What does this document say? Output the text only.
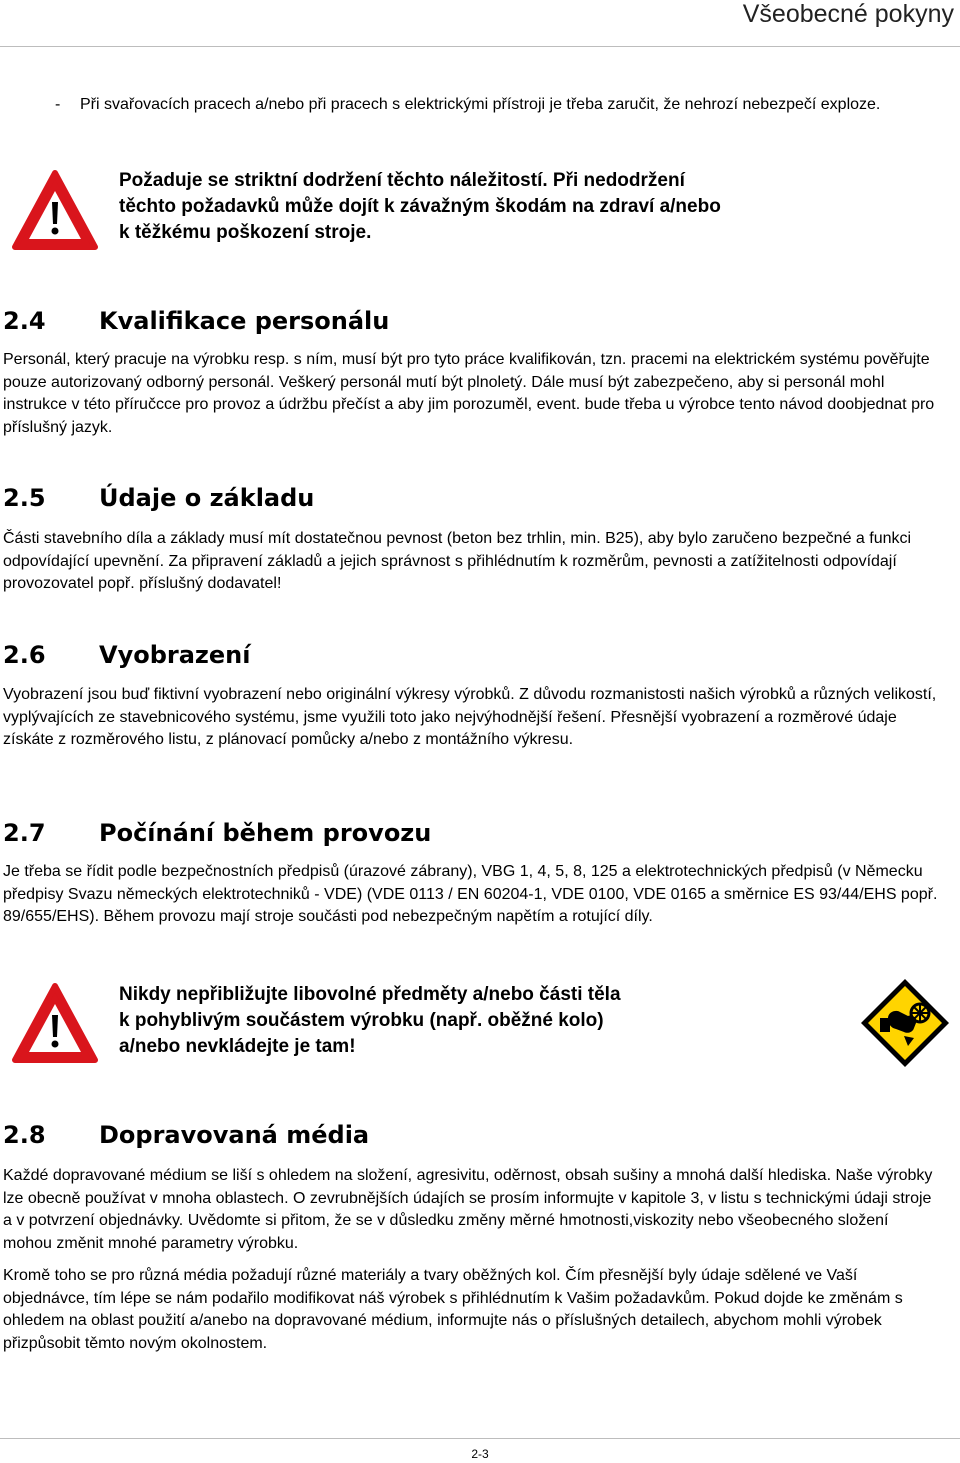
Všeobecné pokyny
- Při svařovacích pracech a/nebo při pracech s elektrickými přístroji je třeba zaručit, že nehrozí nebezpečí exploze.
Požaduje se striktní dodržení těchto náležitostí. Při nedodržení
těchto požadavků může dojít k závažným škodám na zdraví a/nebo
k těžkému poškození stroje.
2.4 Kvalifikace personálu

Personál, který pracuje na výrobku resp. s ním, musí být pro tyto práce kvalifikován, tzn. pracemi na elektrickém systému pověřujte pouze autorizovaný odborný personál. Veškerý personál mutí být plnoletý. Dále musí být zabezpečeno, aby si personál mohl instrukce v této příručcce pro provoz a údržbu přečíst a aby jim porozuměl, event. bude třeba u výrobce tento návod doobjednat pro příslušný jazyk.

2.5 Údaje o základu

Části stavebního díla a základy musí mít dostatečnou pevnost (beton bez trhlin, min. B25), aby bylo zaručeno bezpečné a funkci odpovídající upevnění. Za připravení základů a jejich správnost s přihlédnutím k rozměrům, pevnosti a zatížitelnosti odpovídají provozovatel popř. příslušný dodavatel!

2.6 Vyobrazení

Vyobrazení jsou buď fiktivní vyobrazení nebo originální výkresy výrobků. Z důvodu rozmanistosti našich výrobků a různých velikostí, vyplývajících ze stavebnicového systému, jsme využili toto jako nejvýhodnější řešení. Přesnější vyobrazení a rozměrové údaje získáte z rozměrového listu, z plánovací pomůcky a/nebo z montážního výkresu.

2.7 Počínání během provozu

Je třeba se řídit podle bezpečnostních předpisů (úrazové zábrany), VBG 1, 4, 5, 8, 125 a elektrotechnických předpisů (v Německu předpisy Svazu německých elektrotechniků - VDE) (VDE 0113 / EN 60204-1, VDE 0100, VDE 0165 a směrnice ES 93/44/EHS popř. 89/655/EHS). Během provozu mají stroje součásti pod nebezpečným napětím a rotující díly.

Nikdy nepřibližujte libovolné předměty a/nebo části těla
k pohyblivým součástem výrobku (např. oběžné kolo)
a/nebo nevkládejte je tam!
2.8 Dopravovaná média

Každé dopravované médium se liší s ohledem na složení, agresivitu, oděrnost, obsah sušiny a mnohá další hlediska. Naše výrobky lze obecně používat v mnoha oblastech. O zevrubnějších údajích se prosím informujte v kapitole 3, v listu s technickými údaji stroje a v potvrzení objednávky. Uvědomte si přitom, že se v důsledku změny měrné hmotnosti,viskozity nebo všeobecného složení mohou změnit mnohé parametry výrobku.

Kromě toho se pro různá média požadují různé materiály a tvary oběžných kol. Čím přesnější byly údaje sdělené ve Vaší objednávce, tím lépe se nám podařilo modifikovat náš výrobek s přihlédnutím k Vašim požadavkům. Pokud dojde ke změnám s ohledem na oblast použití a/anebo na dopravované médium, informujte nás o příslušných detailech, abychom mohli výrobek přizpůsobit těmto novým okolnostem.

2-3
